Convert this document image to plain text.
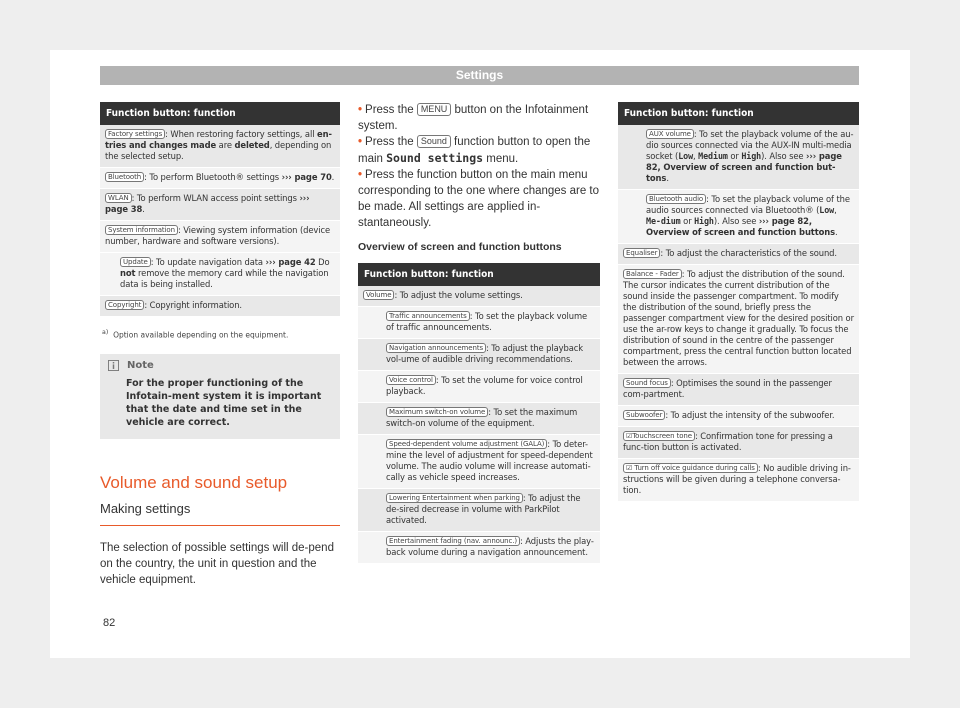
Settings
Function button: function
Factory settings : When restoring factory settings, all en-tries and changes made are deleted, depending on the selected setup.
Bluetooth : To perform Bluetooth® settings ››› page 70.
WLAN : To perform WLAN access point settings ››› page 38.
System information : Viewing system information (device number, hardware and software versions).
Update : To update navigation data ››› page 42 Do not remove the memory card while the navigation data is being installed.
Copyright : Copyright information.
$^{a)}$ Option available depending on the equipment.
Note
For the proper functioning of the Infotain-ment system it is important that the date and time set in the vehicle are correct.
Volume and sound setup
Making settings
The selection of possible settings will de-pend on the country, the unit in question and the vehicle equipment.
• Press the MENU button on the Infotainment system.
• Press the Sound function button to open the main Sound settings menu.
• Press the function button on the main menu corresponding to the one where changes are to be made. All settings are applied in-stantaneously.
Overview of screen and function buttons
Function button: function
Volume : To adjust the volume settings.
Traffic announcements : To set the playback volume of traffic announcements.
Navigation announcements : To adjust the playback vol-ume of audible driving recommendations.
Voice control : To set the volume for voice control playback.
Maximum switch-on volume : To set the maximum switch-on volume of the equipment.
Speed-dependent volume adjustment (GALA) : To deter-mine the level of adjustment for speed-dependent volume. The audio volume will increase automati-cally as vehicle speed increases.
Lowering Entertainment when parking : To adjust the de-sired decrease in volume with ParkPilot activated.
Entertainment fading (nav. announc.) : Adjusts the play-back volume during a navigation announcement.
Function button: function
AUX volume : To set the playback volume of the au-dio sources connected via the AUX-IN multi-media socket (Low, Medium or High). Also see ››› page 82, Overview of screen and function but-tons.
Bluetooth audio : To set the playback volume of the audio sources connected via Bluetooth® (Low, Me-dium or High). Also see ››› page 82, Overview of screen and function buttons.
Equaliser : To adjust the characteristics of the sound.
Balance - Fader : To adjust the distribution of the sound. The cursor indicates the current distribution of the sound inside the passenger compartment. To modify the distribution of the sound, briefly press the passenger compartment view for the desired position or use the ar-row keys to change it gradually. To focus the distribution of sound in the centre of the passenger compartment, press the central function button located between the arrows.
Sound focus : Optimises the sound in the passenger com-partment.
Subwoofer : To adjust the intensity of the subwoofer.
☑Touchscreen tone : Confirmation tone for pressing a func-tion button is activated.
☑ Turn off voice guidance during calls : No audible driving in-structions will be given during a telephone conversa-tion.
82
